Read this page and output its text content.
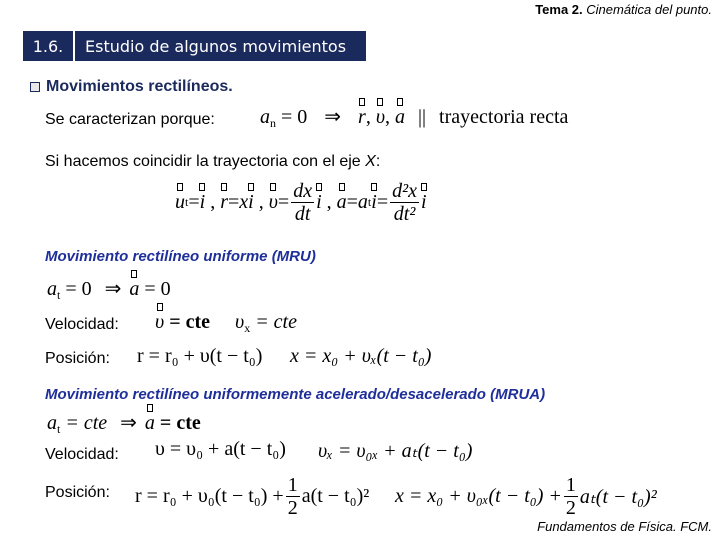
Tema 2. Cinemática del punto.
1.6.	Estudio de algunos movimientos
Movimientos rectilíneos.
Se caracterizan porque: $a_n = 0$ ⇒ r, υ, a || trayectoria recta
Si hacemos coincidir la trayectoria con el eje X:
u t = i , r = x i , $\upsilon = \frac{dx}{dt}$ i , a = a t $i = \frac{\text{d²x}}{\text{dt²}}$ i
Movimiento rectilíneo uniforme (MRU)
$a_t = 0$ ⇒ a = 0
Velocidad: υ = cte $\upsilon_x$ = cte
Posición: r = r₀ + υ(t − t₀) x = x₀ + υₓ(t − t₀)
Movimiento rectilíneo uniformemente acelerado/desacelerado (MRUA)
$a_t$ = cte ⇒ a = cte
Velocidad: υ = υ₀ + a(t − t₀) υₓ = υ₀ₓ + aₜ(t − t₀)
Posición: $r = r_0 + \upsilon_0(t - t_0) + \frac{1}{2} a(t - t_0)^2$ $x = x_0 + \upsilon_{0x}(t - t_0) + \frac{1}{2} a_t(t - t_0)^2$
Fundamentos de Física. FCM.
